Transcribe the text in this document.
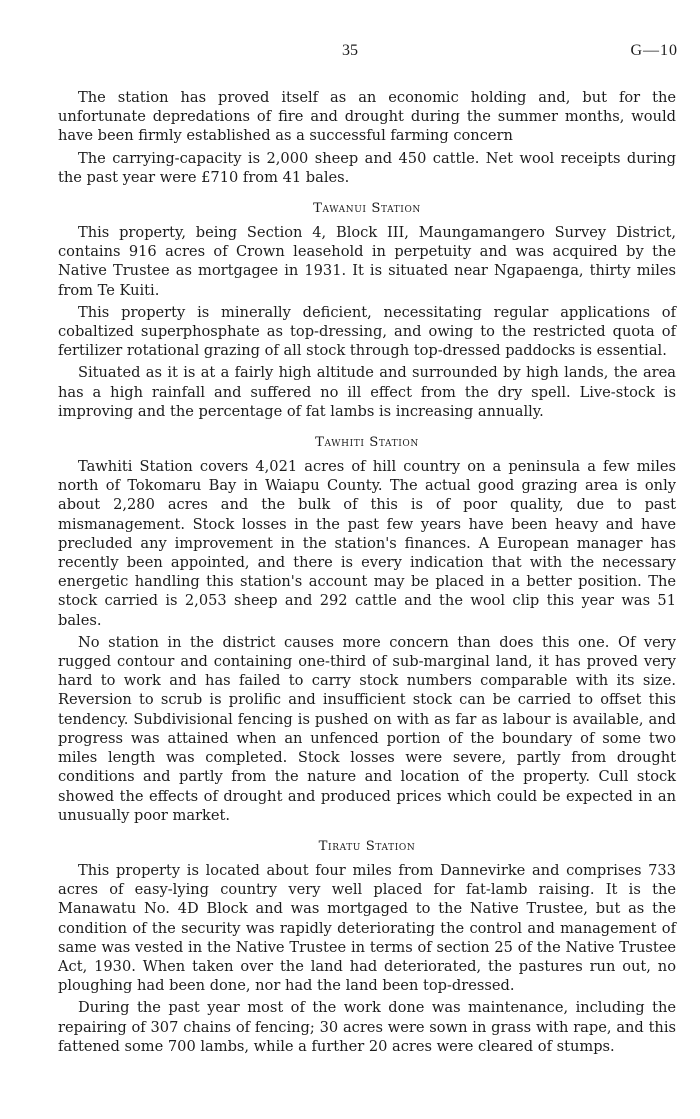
35	G—10

The station has proved itself as an economic holding and, but for the unfortunate depredations of fire and drought during the summer months, would have been firmly established as a successful farming concern

The carrying-capacity is 2,000 sheep and 450 cattle. Net wool receipts during the past year were £710 from 41 bales.

Tawanui Station

This property, being Section 4, Block III, Maungamangero Survey District, contains 916 acres of Crown leasehold in perpetuity and was acquired by the Native Trustee as mortgagee in 1931. It is situated near Ngapaenga, thirty miles from Te Kuiti.

This property is minerally deficient, necessitating regular applications of cobaltized superphosphate as top-dressing, and owing to the restricted quota of fertilizer rotational grazing of all stock through top-dressed paddocks is essential.

Situated as it is at a fairly high altitude and surrounded by high lands, the area has a high rainfall and suffered no ill effect from the dry spell. Live-stock is improving and the percentage of fat lambs is increasing annually.

Tawhiti Station

Tawhiti Station covers 4,021 acres of hill country on a peninsula a few miles north of Tokomaru Bay in Waiapu County. The actual good grazing area is only about 2,280 acres and the bulk of this is of poor quality, due to past mismanagement. Stock losses in the past few years have been heavy and have precluded any improvement in the station's finances. A European manager has recently been appointed, and there is every indication that with the necessary energetic handling this station's account may be placed in a better position. The stock carried is 2,053 sheep and 292 cattle and the wool clip this year was 51 bales.

No station in the district causes more concern than does this one. Of very rugged contour and containing one-third of sub-marginal land, it has proved very hard to work and has failed to carry stock numbers comparable with its size. Reversion to scrub is prolific and insufficient stock can be carried to offset this tendency. Subdivisional fencing is pushed on with as far as labour is available, and progress was attained when an unfenced portion of the boundary of some two miles length was completed. Stock losses were severe, partly from drought conditions and partly from the nature and location of the property. Cull stock showed the effects of drought and produced prices which could be expected in an unusually poor market.

Tiratu Station

This property is located about four miles from Dannevirke and comprises 733 acres of easy-lying country very well placed for fat-lamb raising. It is the Manawatu No. 4D Block and was mortgaged to the Native Trustee, but as the condition of the security was rapidly deteriorating the control and management of same was vested in the Native Trustee in terms of section 25 of the Native Trustee Act, 1930. When taken over the land had deteriorated, the pastures run out, no ploughing had been done, nor had the land been top-dressed.

During the past year most of the work done was maintenance, including the repairing of 307 chains of fencing; 30 acres were sown in grass with rape, and this fattened some 700 lambs, while a further 20 acres were cleared of stumps.
